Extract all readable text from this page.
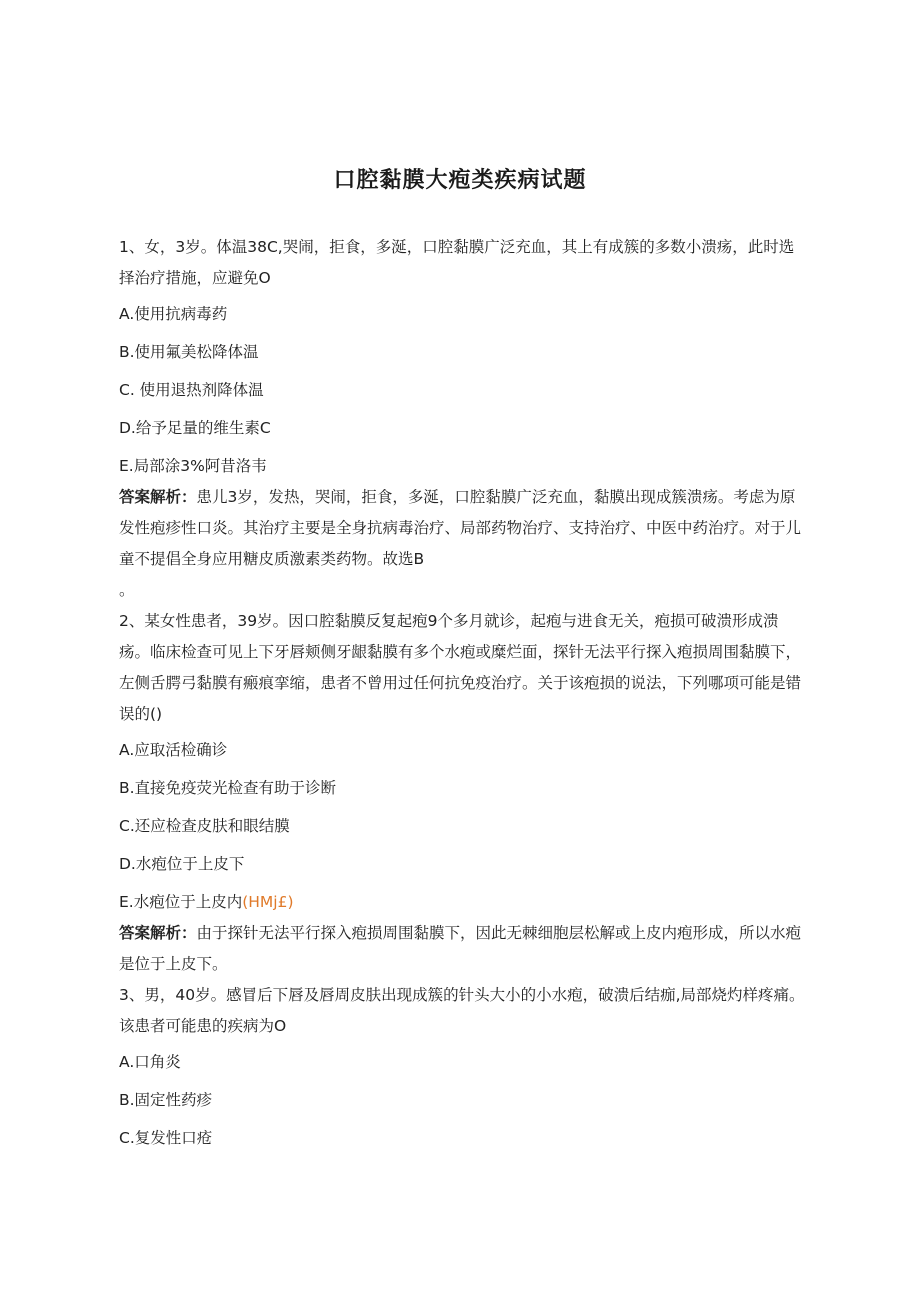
口腔黏膜大疱类疾病试题

1、女，3岁。体温38C,哭闹，拒食，多涎，口腔黏膜广泛充血，其上有成簇的多数小溃疡，此时选择治疗措施，应避免O

A.使用抗病毒药

B.使用氟美松降体温

C. 使用退热剂降体温

D.给予足量的维生素C

E.局部涂3%阿昔洛韦

答案解析：患儿3岁，发热，哭闹，拒食，多涎，口腔黏膜广泛充血，黏膜出现成簇溃疡。考虑为原发性疱疹性口炎。其治疗主要是全身抗病毒治疗、局部药物治疗、支持治疗、中医中药治疗。对于儿童不提倡全身应用糖皮质激素类药物。故选B

。

2、某女性患者，39岁。因口腔黏膜反复起疱9个多月就诊，起疱与进食无关，疱损可破溃形成溃疡。临床检查可见上下牙唇颊侧牙龈黏膜有多个水疱或糜烂面，探针无法平行探入疱损周围黏膜下，左侧舌腭弓黏膜有瘢痕挛缩，患者不曾用过任何抗免疫治疗。关于该疱损的说法，下列哪项可能是错误的()

A.应取活检确诊

B.直接免疫荧光检查有助于诊断

C.还应检查皮肤和眼结膜

D.水疱位于上皮下

E.水疱位于上皮内(HMj£)

答案解析：由于探针无法平行探入疱损周围黏膜下，因此无棘细胞层松解或上皮内疱形成，所以水疱是位于上皮下。

3、男，40岁。感冒后下唇及唇周皮肤出现成簇的针头大小的小水疱，破溃后结痂,局部烧灼样疼痛。该患者可能患的疾病为O

A.口角炎

B.固定性药疹

C.复发性口疮
